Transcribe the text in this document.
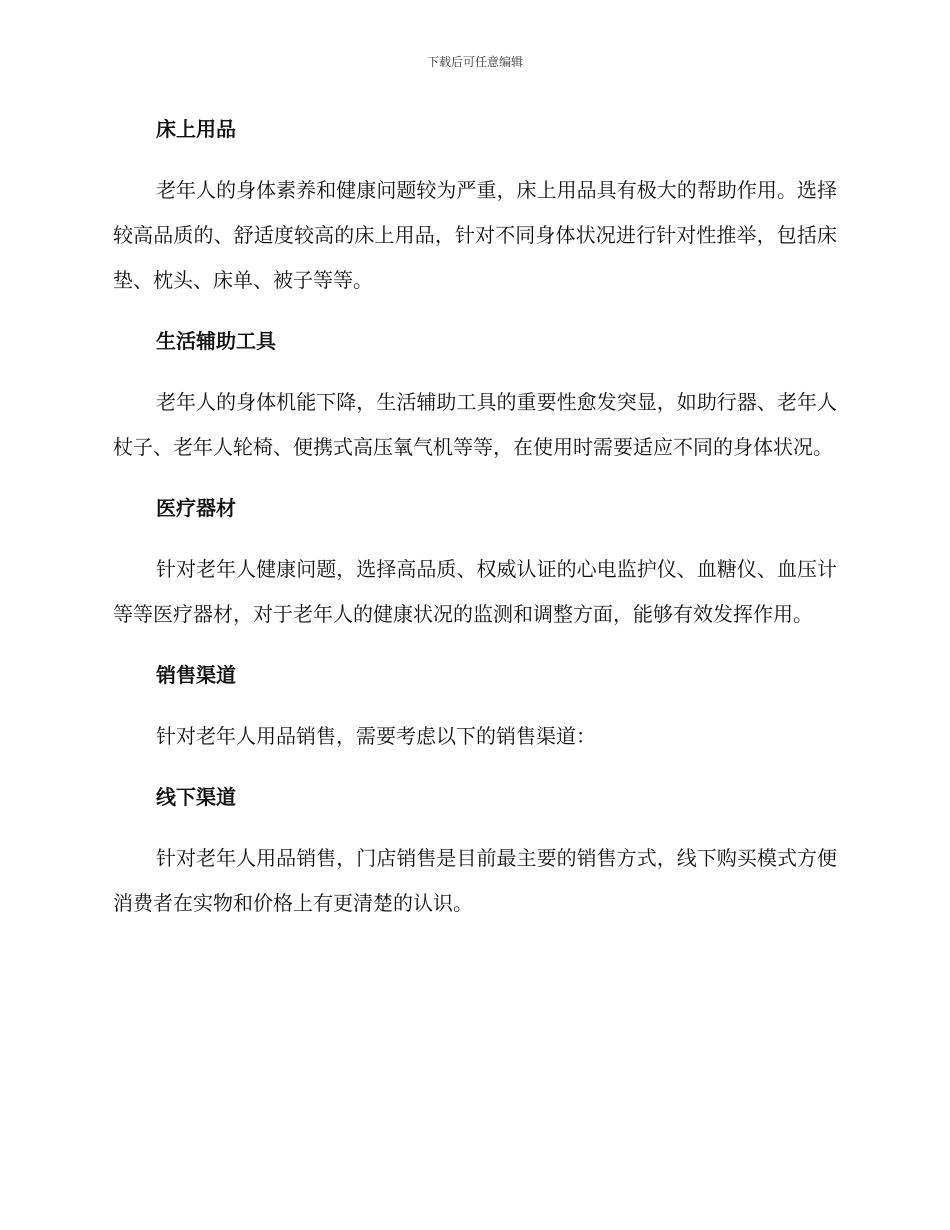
下载后可任意编辑
床上用品

老年人的身体素养和健康问题较为严重，床上用品具有极大的帮助作用。选择较高品质的、舒适度较高的床上用品，针对不同身体状况进行针对性推举，包括床垫、枕头、床单、被子等等。

生活辅助工具

老年人的身体机能下降，生活辅助工具的重要性愈发突显，如助行器、老年人杖子、老年人轮椅、便携式高压氧气机等等，在使用时需要适应不同的身体状况。

医疗器材

针对老年人健康问题，选择高品质、权威认证的心电监护仪、血糖仪、血压计等等医疗器材，对于老年人的健康状况的监测和调整方面，能够有效发挥作用。

销售渠道

针对老年人用品销售，需要考虑以下的销售渠道：

线下渠道

针对老年人用品销售，门店销售是目前最主要的销售方式，线下购买模式方便消费者在实物和价格上有更清楚的认识。
